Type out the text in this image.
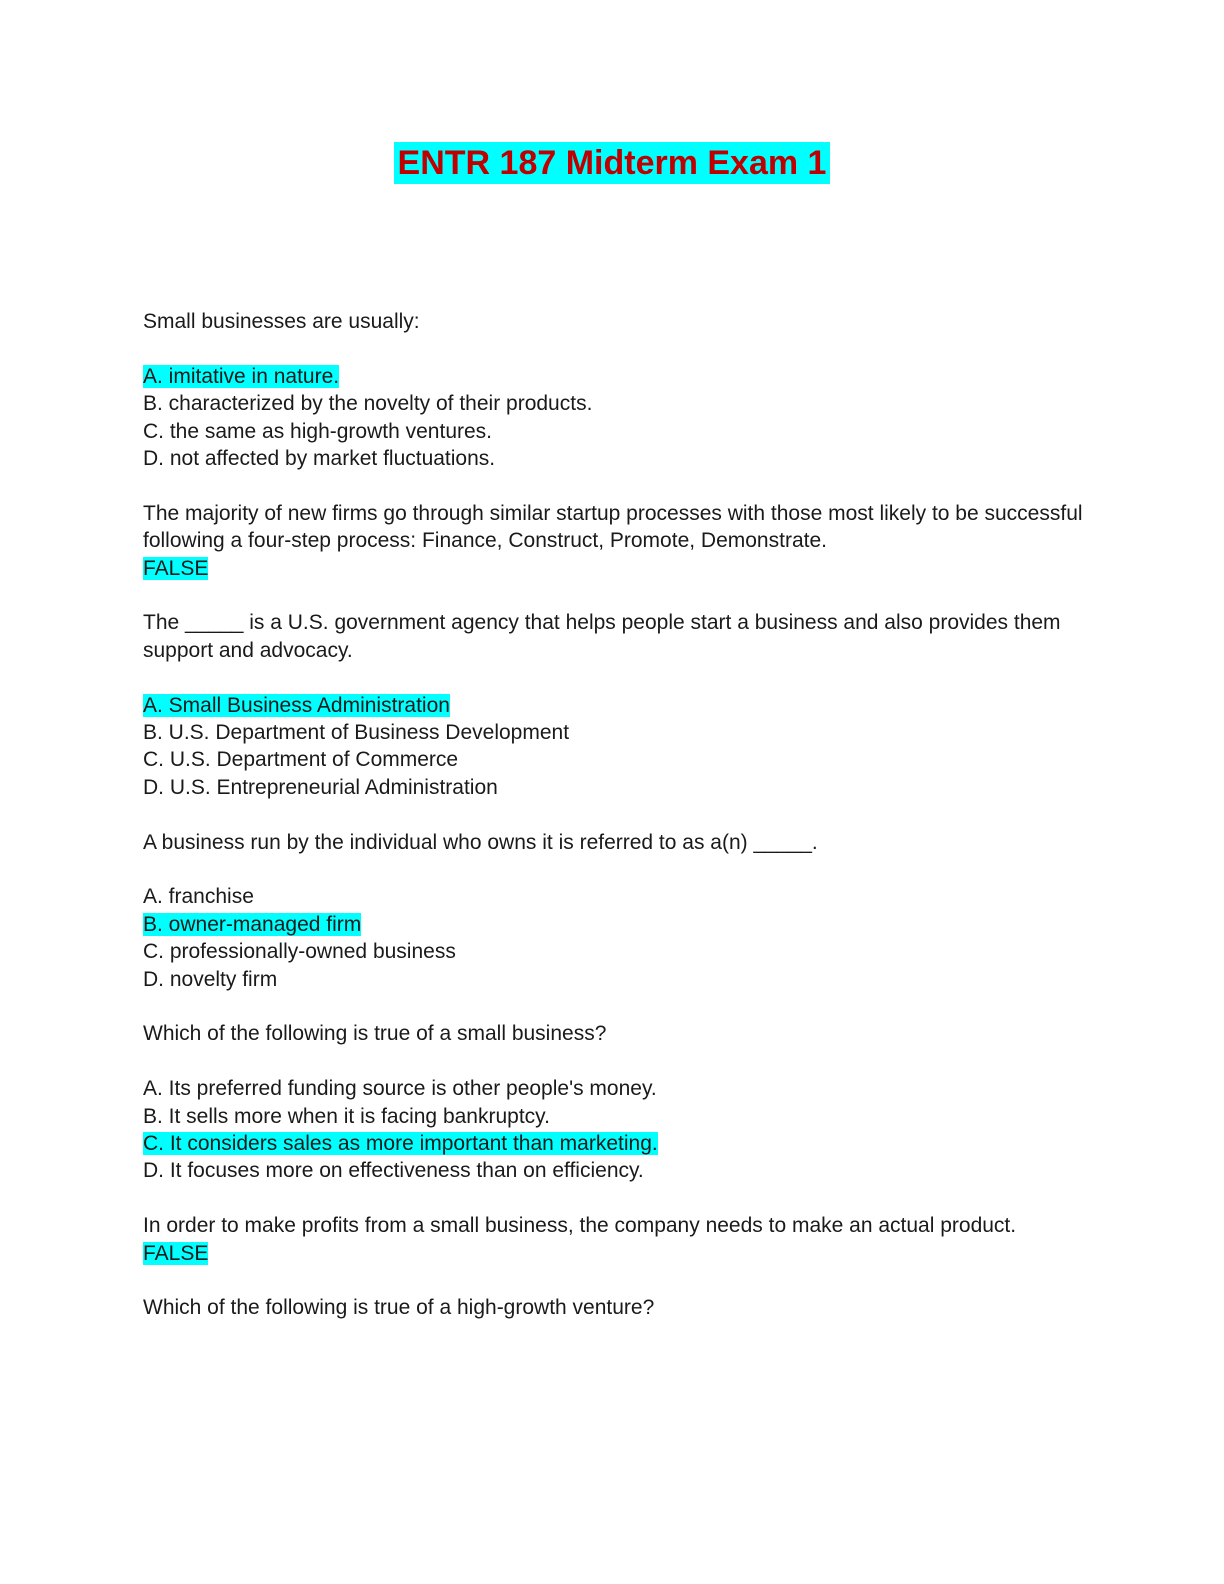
ENTR 187 Midterm Exam 1
Small businesses are usually:
A. imitative in nature.
B. characterized by the novelty of their products.
C. the same as high-growth ventures.
D. not affected by market fluctuations.
The majority of new firms go through similar startup processes with those most likely to be successful following a four-step process: Finance, Construct, Promote, Demonstrate.
FALSE
The _____ is a U.S. government agency that helps people start a business and also provides them support and advocacy.
A. Small Business Administration
B. U.S. Department of Business Development
C. U.S. Department of Commerce
D. U.S. Entrepreneurial Administration
A business run by the individual who owns it is referred to as a(n) _____.
A. franchise
B. owner-managed firm
C. professionally-owned business
D. novelty firm
Which of the following is true of a small business?
A. Its preferred funding source is other people's money.
B. It sells more when it is facing bankruptcy.
C. It considers sales as more important than marketing.
D. It focuses more on effectiveness than on efficiency.
In order to make profits from a small business, the company needs to make an actual product.
FALSE
Which of the following is true of a high-growth venture?
